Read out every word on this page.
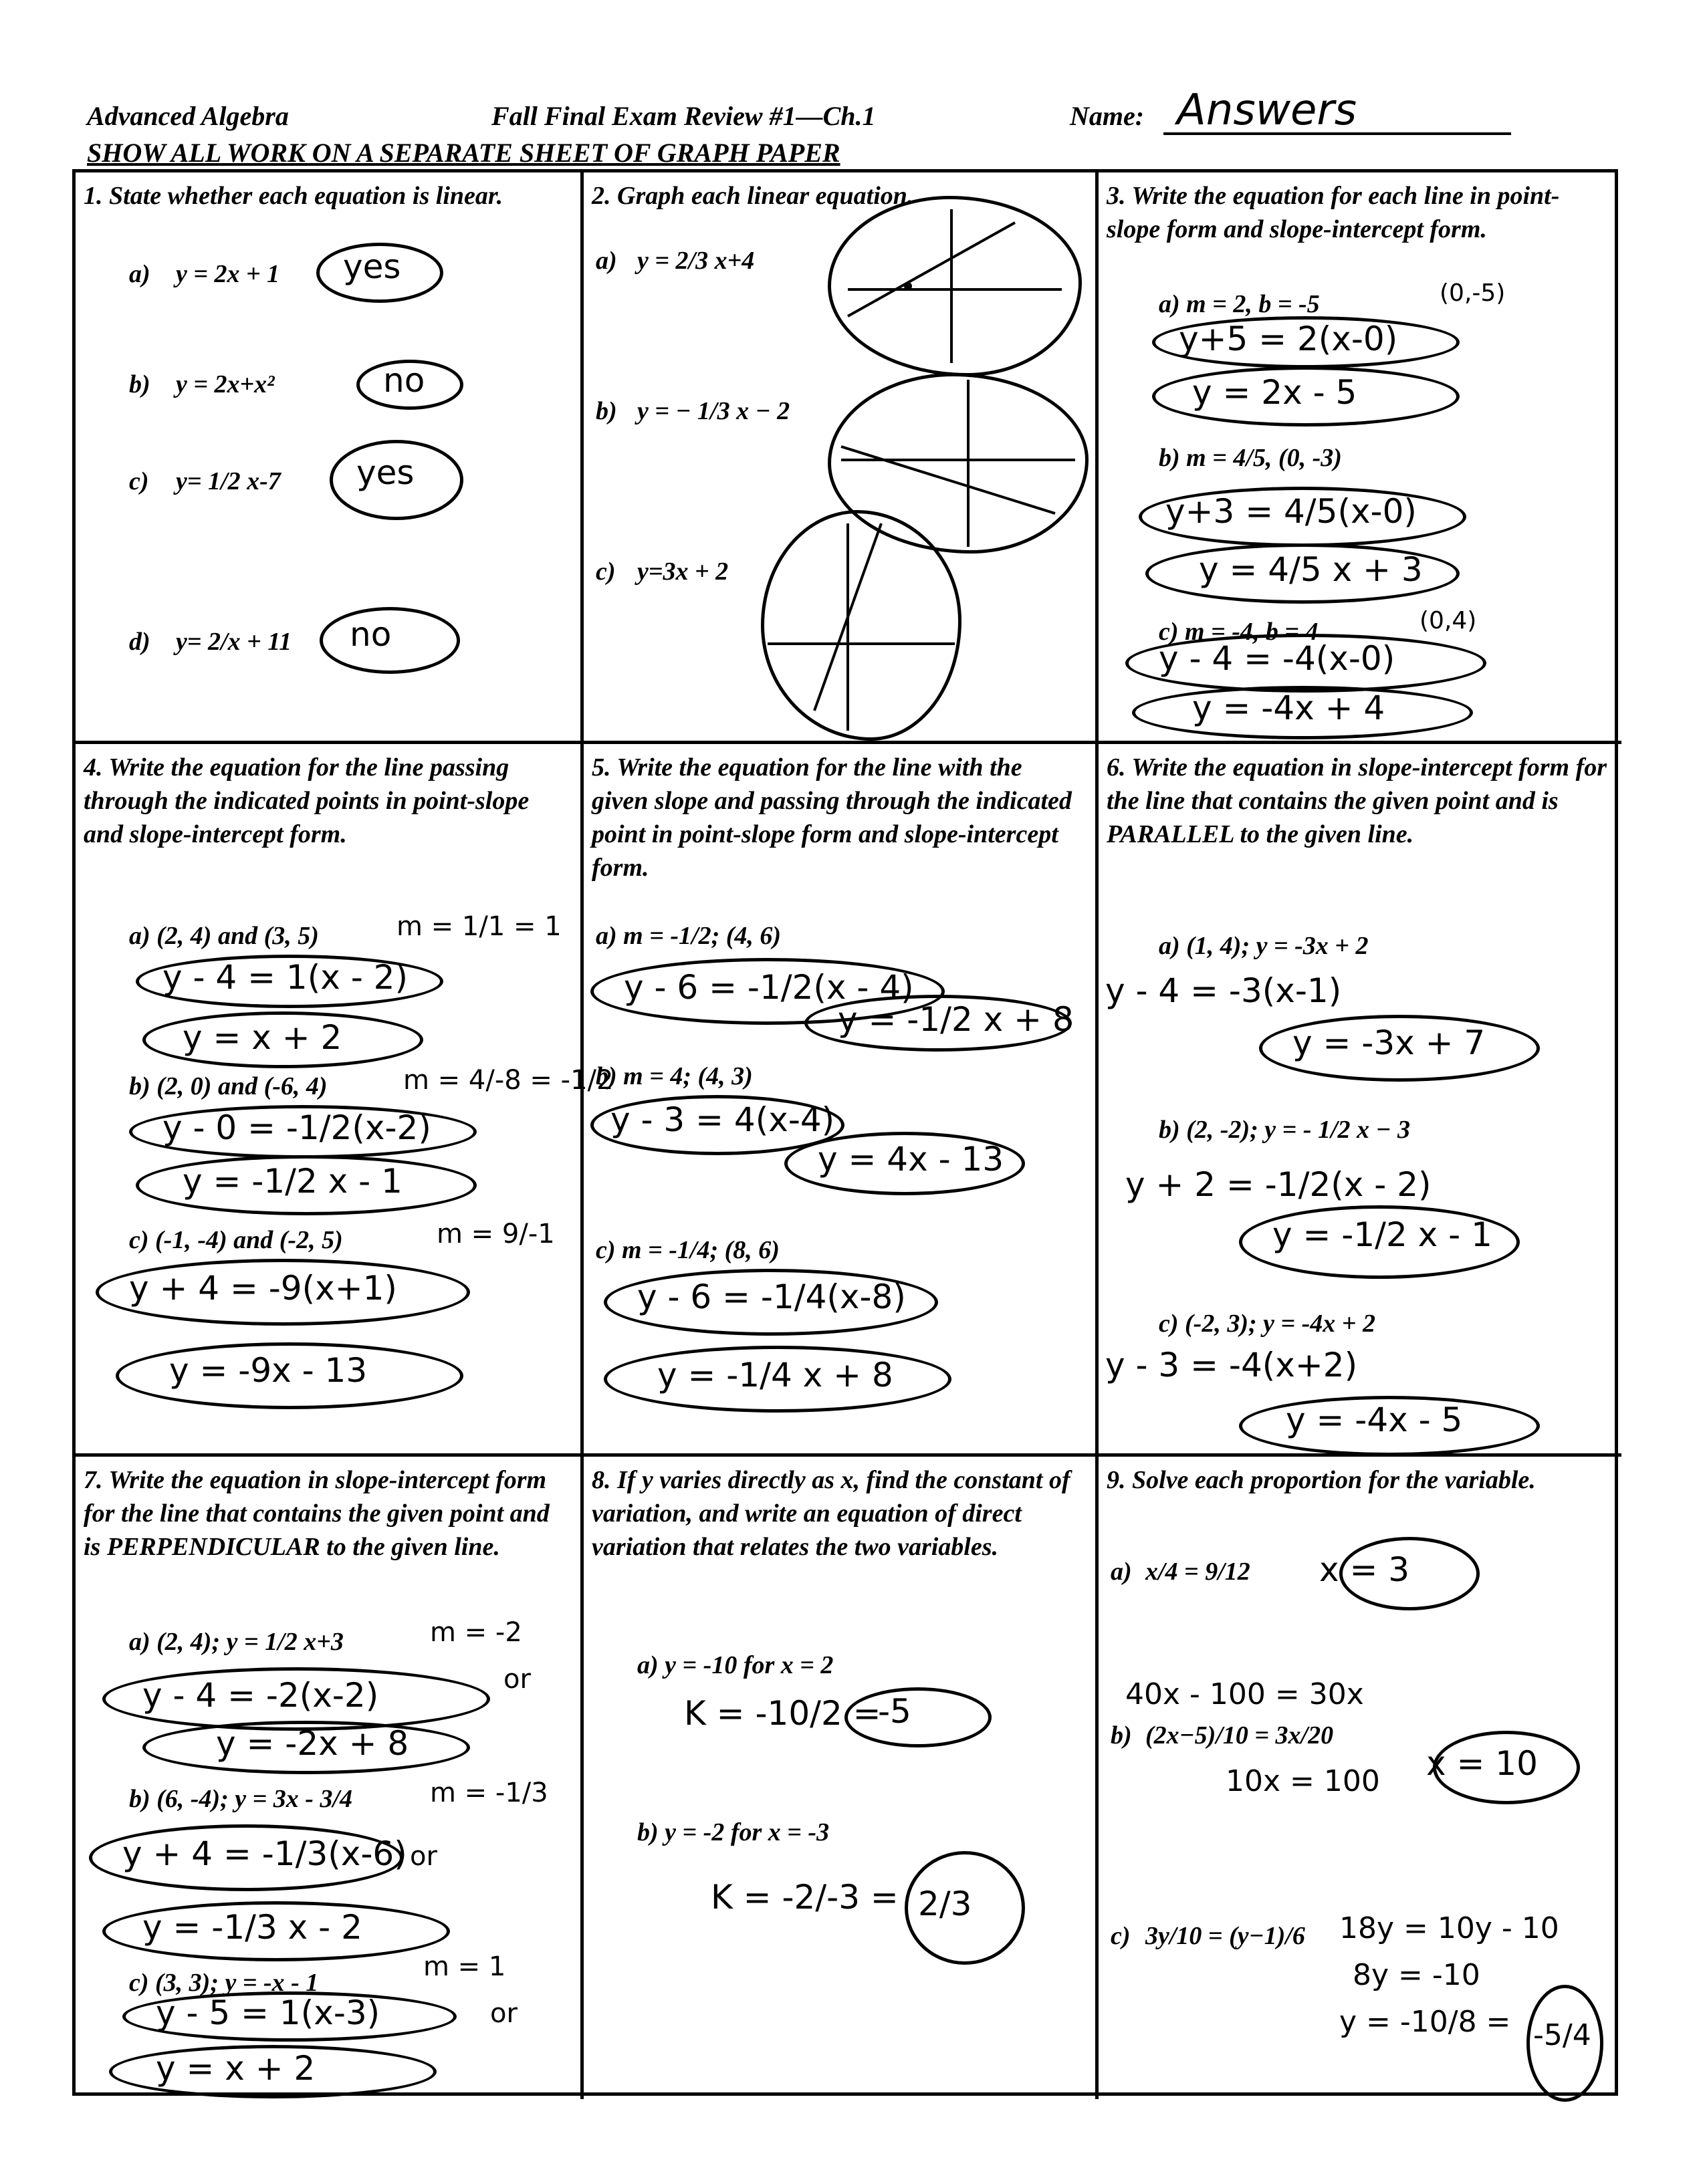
Advanced Algebra	Fall Final Exam Review #1—Ch.1	Name: Answers
SHOW ALL WORK ON A SEPARATE SHEET OF GRAPH PAPER
1. State whether each equation is linear.
a) y = 2x + 1 yes
b) y = 2x+x²	no
c) y= 1/2 x-7 yes
d) y= 2/x + 11 no
2. Graph each linear equation.
a) y = 2/3 x+4
b) y = − 1/3 x − 2
c) y=3x + 2
3. Write the equation for each line in point-slope form and slope-intercept form.
a) m = 2, b = -5	(0,-5)
y+5 = 2(x-0)
y = 2x - 5
b) m = 4/5, (0, -3)
y+3 = 4/5(x-0)
y = 4/5 x + 3
c) m = -4, b = 4	(0,4)
y - 4 = -4(x-0)
y = -4x + 4
4. Write the equation for the line passing through the indicated points in point-slope and slope-intercept form.
a) (2, 4) and (3, 5)	m = 1/1 = 1
y - 4 = 1(x - 2)
y = x + 2
b) (2, 0) and (-6, 4)	m = 4/-8 = -1/2
y - 0 = -1/2(x-2)
y = -1/2 x - 1
c) (-1, -4) and (-2, 5)	m = 9/-1
y + 4 = -9(x+1)
y = -9x - 13
5. Write the equation for the line with the given slope and passing through the indicated point in point-slope form and slope-intercept form.
a) m = -1/2; (4, 6)
y - 6 = -1/2(x - 4)
y = -1/2 x + 8
b) m = 4; (4, 3)
y - 3 = 4(x-4)
y = 4x - 13
c) m = -1/4; (8, 6)
y - 6 = -1/4(x-8)
y = -1/4 x + 8
6. Write the equation in slope-intercept form for the line that contains the given point and is PARALLEL to the given line.
a) (1, 4); y = -3x + 2
y - 4 = -3(x-1)
y = -3x + 7
b) (2, -2); y = - 1/2 x − 3
y + 2 = -1/2(x - 2)
y = -1/2 x - 1
c) (-2, 3); y = -4x + 2
y - 3 = -4(x+2)
y = -4x - 5
7. Write the equation in slope-intercept form for the line that contains the given point and is PERPENDICULAR to the given line.
a) (2, 4); y = 1/2 x+3	m = -2
y - 4 = -2(x-2)	or
y = -2x + 8
b) (6, -4); y = 3x - 3/4	m = -1/3
y + 4 = -1/3(x-6) or
y = -1/3 x - 2
c) (3, 3); y = -x - 1
m = 1
y - 5 = 1(x-3)	or
y = x + 2
8. If y varies directly as x, find the constant of variation, and write an equation of direct variation that relates the two variables.
a) y = -10 for x = 2
K = -10/2 =
-5
b) y = -2 for x = -3
K = -2/-3 = 2/3
9. Solve each proportion for the variable.
a) x/4 = 9/12 x = 3
b) (2x−5)/10 = 3x/20
40x - 100 = 30x
10x = 100 x = 10
c) 3y/10 = (y−1)/6 18y = 10y - 10
8y = -10
y = -10/8 = -5/4
